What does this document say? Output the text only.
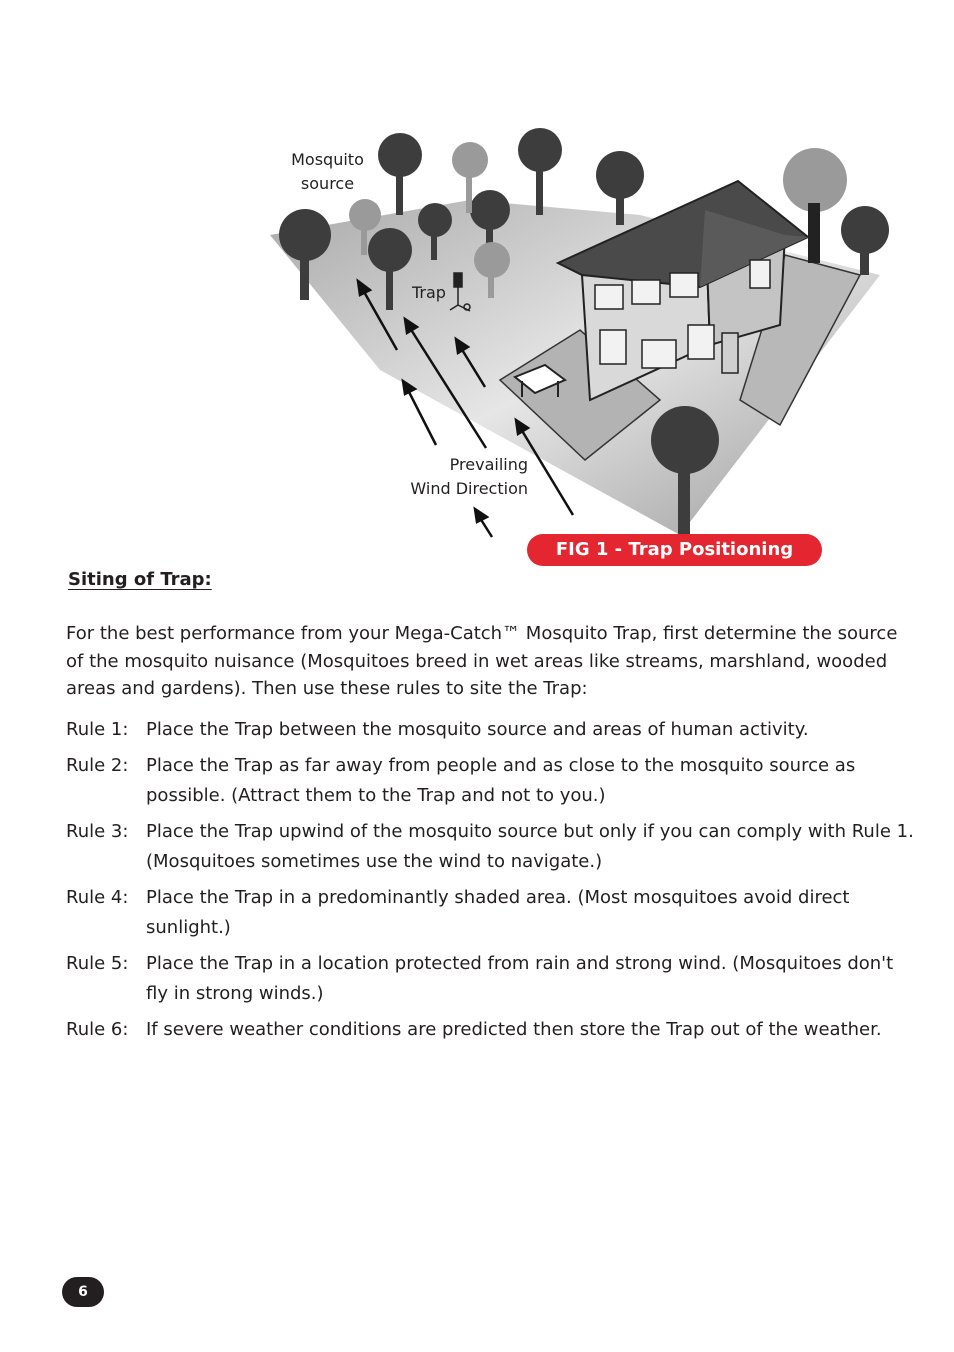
Mosquito
source
Trap
Prevailing
Wind Direction
FIG 1 - Trap Positioning
Siting of Trap:
For the best performance from your Mega-Catch™ Mosquito Trap, first determine the source of the mosquito nuisance (Mosquitoes breed in wet areas like streams, marshland, wooded areas and gardens). Then use these rules to site the Trap:
Rule 1: Place the Trap between the mosquito source and areas of human activity.
Rule 2: Place the Trap as far away from people and as close to the mosquito source as possible. (Attract them to the Trap and not to you.)
Rule 3: Place the Trap upwind of the mosquito source but only if you can comply with Rule 1. (Mosquitoes sometimes use the wind to navigate.)
Rule 4: Place the Trap in a predominantly shaded area. (Most mosquitoes avoid direct sunlight.)
Rule 5: Place the Trap in a location protected from rain and strong wind. (Mosquitoes don't fly in strong winds.)
Rule 6: If severe weather conditions are predicted then store the Trap out of the weather.
6
